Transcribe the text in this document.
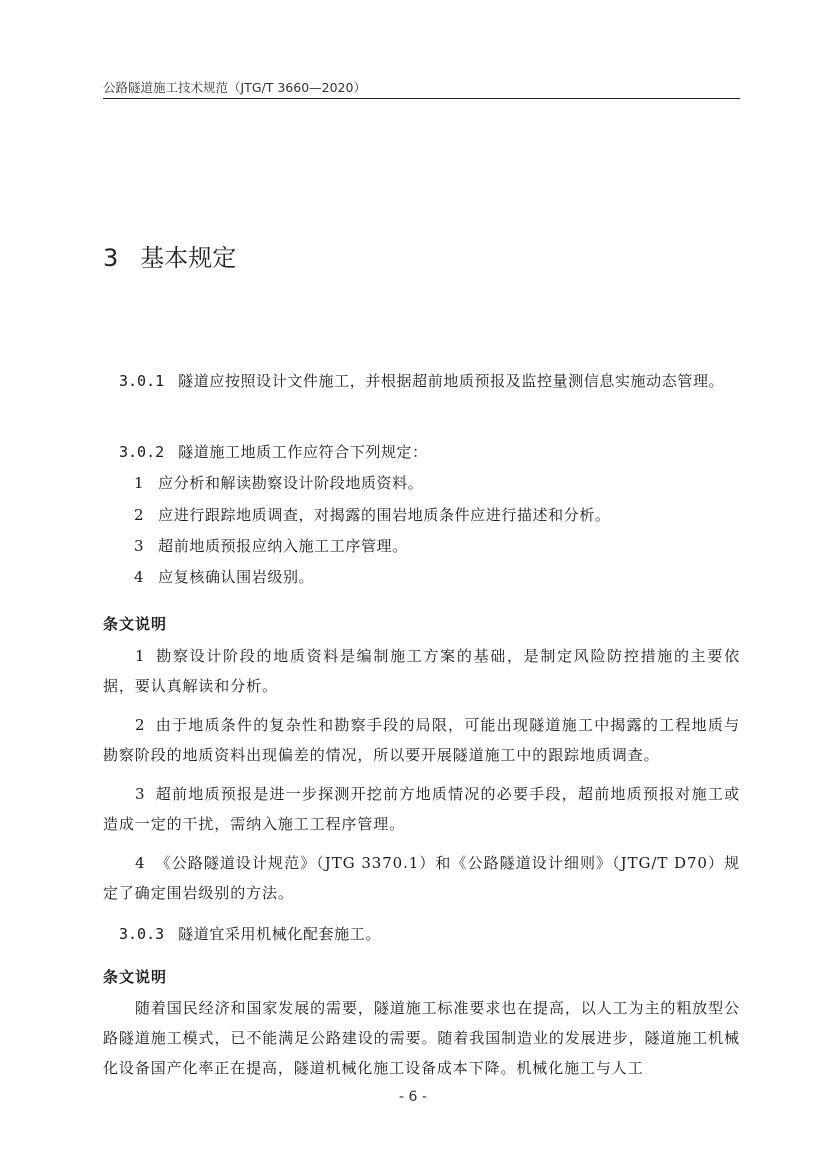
公路隧道施工技术规范（JTG/T 3660—2020）
3 基本规定

3.0.1 隧道应按照设计文件施工，并根据超前地质预报及监控量测信息实施动态管理。

3.0.2 隧道施工地质工作应符合下列规定：

1 应分析和解读勘察设计阶段地质资料。

2 应进行跟踪地质调查，对揭露的围岩地质条件应进行描述和分析。

3 超前地质预报应纳入施工工序管理。

4 应复核确认围岩级别。

条文说明

1 勘察设计阶段的地质资料是编制施工方案的基础，是制定风险防控措施的主要依据，要认真解读和分析。

2 由于地质条件的复杂性和勘察手段的局限，可能出现隧道施工中揭露的工程地质与勘察阶段的地质资料出现偏差的情况，所以要开展隧道施工中的跟踪地质调查。

3 超前地质预报是进一步探测开挖前方地质情况的必要手段，超前地质预报对施工或造成一定的干扰，需纳入施工工程序管理。

4 《公路隧道设计规范》（JTG 3370.1）和《公路隧道设计细则》（JTG/T D70）规定了确定围岩级别的方法。

3.0.3 隧道宜采用机械化配套施工。

条文说明

随着国民经济和国家发展的需要，隧道施工标准要求也在提高，以人工为主的粗放型公路隧道施工模式，已不能满足公路建设的需要。随着我国制造业的发展进步，隧道施工机械化设备国产化率正在提高，隧道机械化施工设备成本下降。机械化施工与人工

- 6 -
